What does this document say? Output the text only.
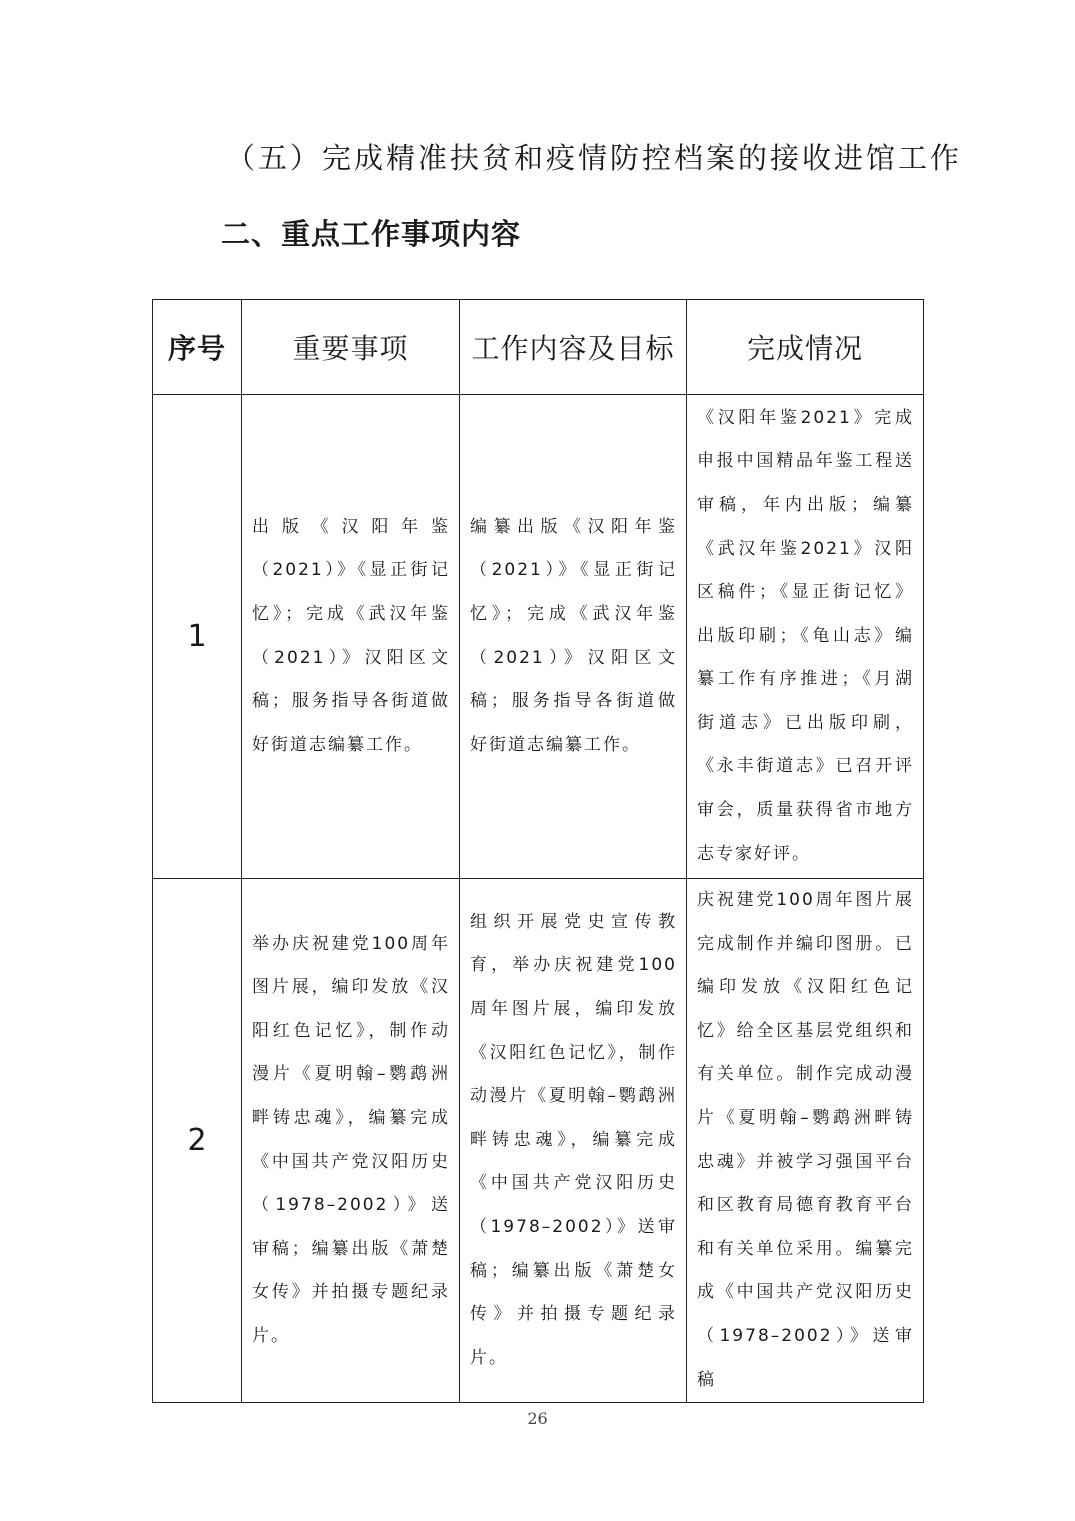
（五）完成精准扶贫和疫情防控档案的接收进馆工作
二、重点工作事项内容
序号	重要事项	工作内容及目标	完成情况
1	出版《汉阳年鉴（2021）》《显正街记忆》；完成《武汉年鉴（2021）》汉阳区文稿；服务指导各街道做好街道志编纂工作。	编纂出版《汉阳年鉴（2021）》《显正街记忆》；完成《武汉年鉴（2021）》汉阳区文稿；服务指导各街道做好街道志编纂工作。	《汉阳年鉴2021》完成申报中国精品年鉴工程送审稿，年内出版；编纂《武汉年鉴2021》汉阳区稿件；《显正街记忆》出版印刷；《龟山志》编纂工作有序推进；《月湖街道志》已出版印刷，《永丰街道志》已召开评审会，质量获得省市地方志专家好评。
2	举办庆祝建党100周年图片展，编印发放《汉阳红色记忆》，制作动漫片《夏明翰–鹦鹉洲畔铸忠魂》，编纂完成《中国共产党汉阳历史（1978–2002）》送审稿；编纂出版《萧楚女传》并拍摄专题纪录片。	组织开展党史宣传教育，举办庆祝建党100周年图片展，编印发放《汉阳红色记忆》，制作动漫片《夏明翰–鹦鹉洲畔铸忠魂》，编纂完成《中国共产党汉阳历史（1978–2002）》送审稿；编纂出版《萧楚女传》并拍摄专题纪录片。	庆祝建党100周年图片展完成制作并编印图册。已编印发放《汉阳红色记忆》给全区基层党组织和有关单位。制作完成动漫片《夏明翰–鹦鹉洲畔铸忠魂》并被学习强国平台和区教育局德育教育平台和有关单位采用。编纂完成《中国共产党汉阳历史（1978–2002）》送审稿
26
